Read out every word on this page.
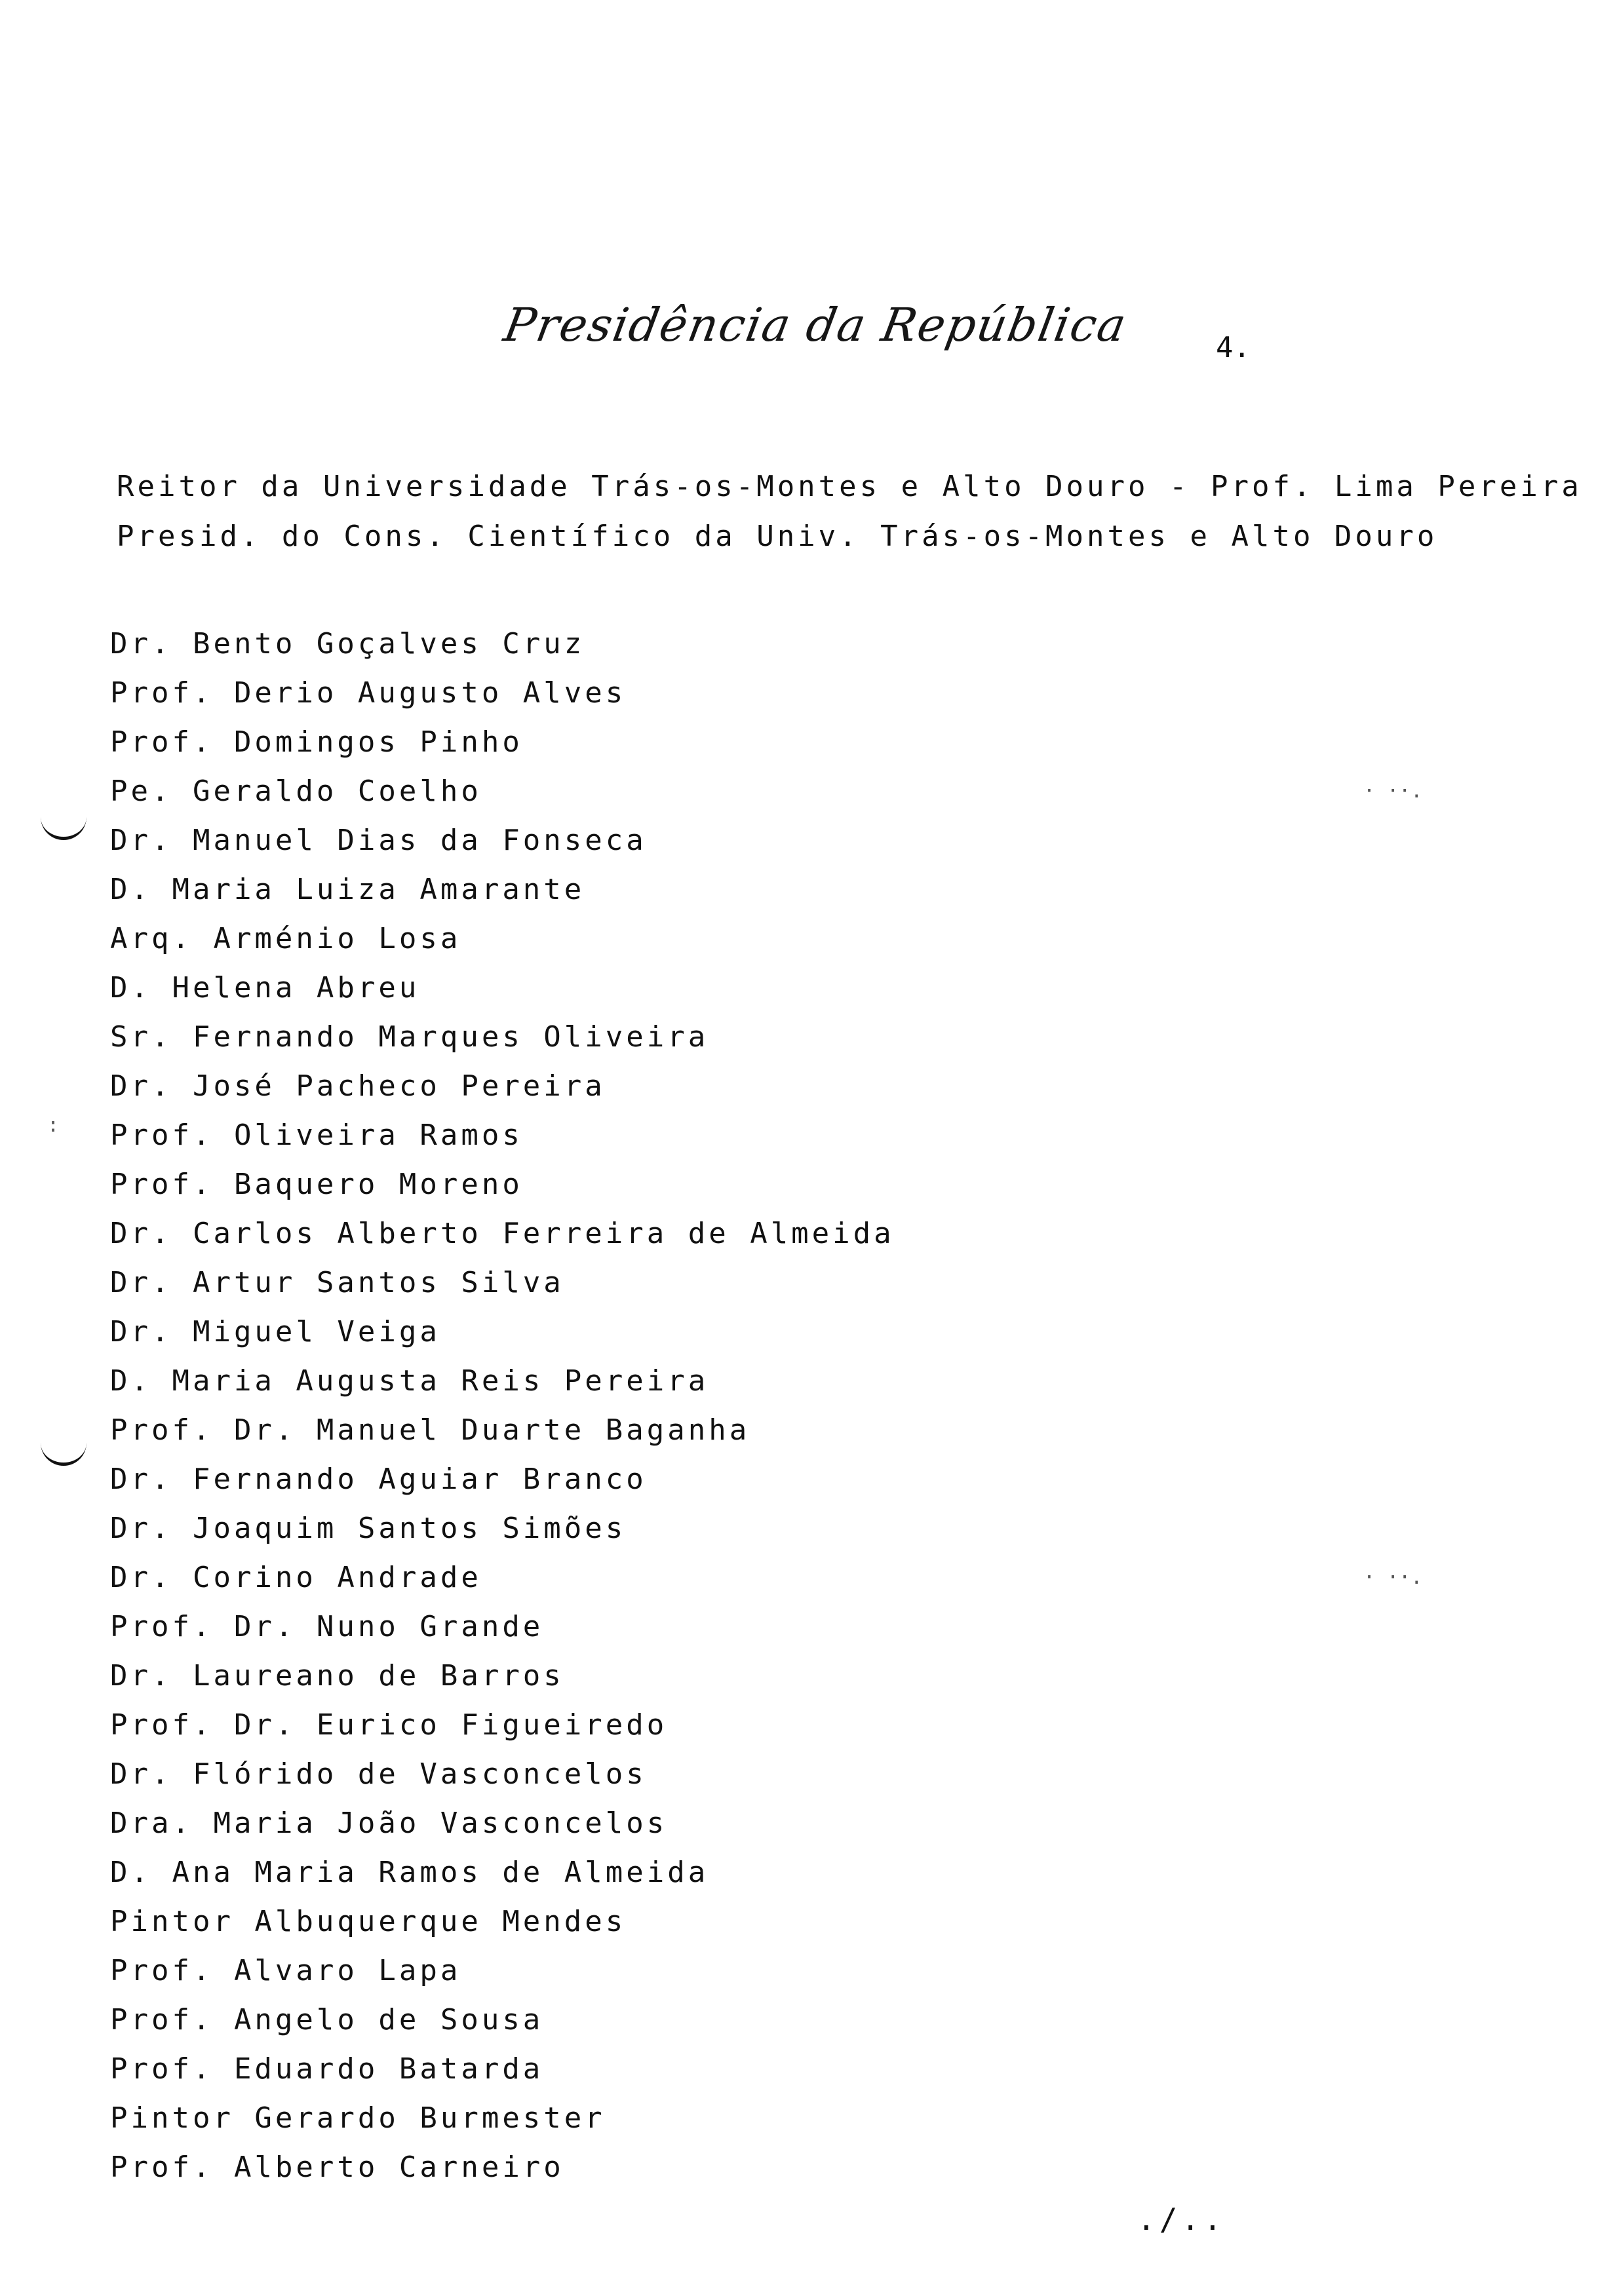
Presidência da República	4.
Reitor da Universidade Trás-os-Montes e Alto Douro - Prof. Lima Pereira
Presid. do Cons. Científico da Univ. Trás-os-Montes e Alto Douro
Dr. Bento Goçalves Cruz
Prof. Derio Augusto Alves
Prof. Domingos Pinho
Pe. Geraldo Coelho
Dr. Manuel Dias da Fonseca
D. Maria Luiza Amarante
Arq. Arménio Losa
D. Helena Abreu
Sr. Fernando Marques Oliveira
Dr. José Pacheco Pereira
Prof. Oliveira Ramos
Prof. Baquero Moreno
Dr. Carlos Alberto Ferreira de Almeida
Dr. Artur Santos Silva
Dr. Miguel Veiga
D. Maria Augusta Reis Pereira
Prof. Dr. Manuel Duarte Baganha
Dr. Fernando Aguiar Branco
Dr. Joaquim Santos Simões
Dr. Corino Andrade
Prof. Dr. Nuno Grande
Dr. Laureano de Barros
Prof. Dr. Eurico Figueiredo
Dr. Flórido de Vasconcelos
Dra. Maria João Vasconcelos
D. Ana Maria Ramos de Almeida
Pintor Albuquerque Mendes
Prof. Alvaro Lapa
Prof. Angelo de Sousa
Prof. Eduardo Batarda
Pintor Gerardo Burmester
Prof. Alberto Carneiro
· ··.
· ··.
:
./..
